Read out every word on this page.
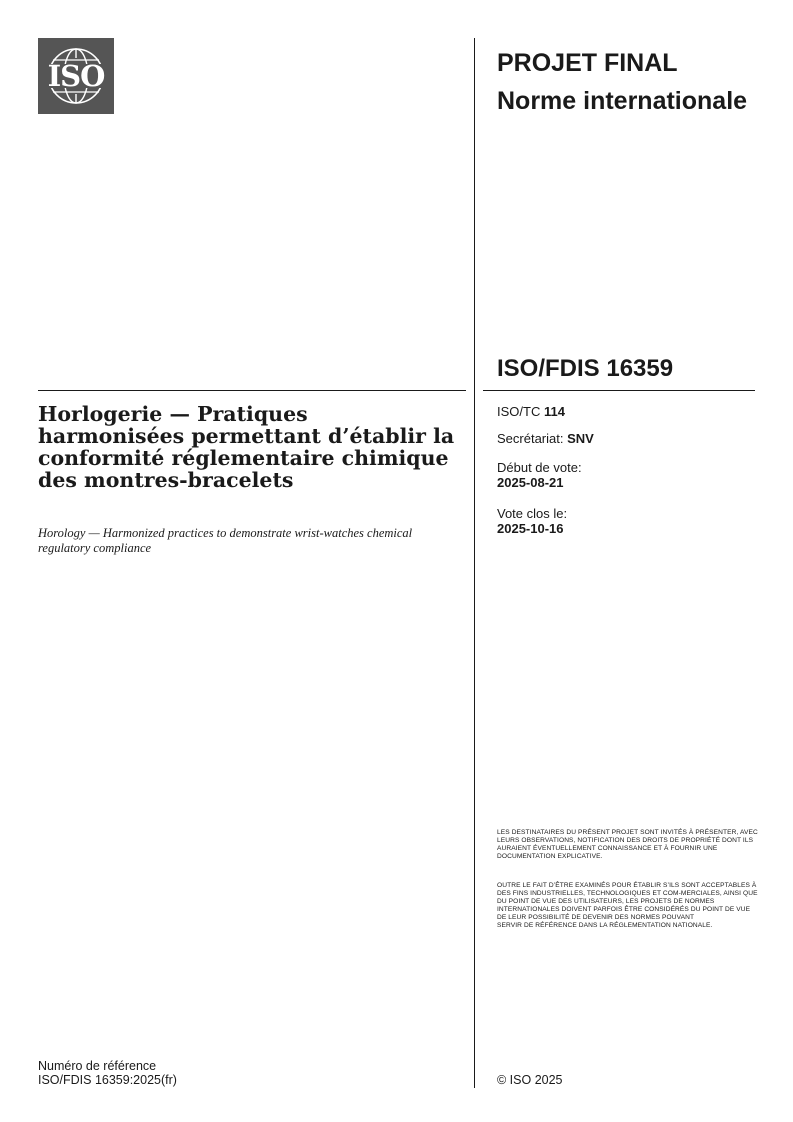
ISO	PROJET FINAL
Norme internationale
ISO/FDIS 16359
Horlogerie — Pratiques harmonisées permettant d’établir la conformité réglementaire chimique des montres-bracelets
Horology — Harmonized practices to demonstrate wrist-watches chemical regulatory compliance
ISO/TC 114
Secrétariat: SNV
Début de vote:
2025-08-21
Vote clos le:
2025-10-16
LES DESTINATAIRES DU PRÉSENT PROJET SONT INVITÉS À PRÉSENTER, AVEC LEURS OBSERVATIONS, NOTIFICATION DES DROITS DE PROPRIÉTÉ DONT ILS AURAIENT ÉVENTUELLEMENT CONNAISSANCE ET À FOURNIR UNE DOCUMENTATION EXPLICATIVE.
OUTRE LE FAIT D’ÊTRE EXAMINÉS POUR ÉTABLIR S’ILS SONT ACCEPTABLES À DES FINS INDUSTRIELLES, TECHNOLOGIQUES ET COM-MERCIALES, AINSI QUE DU POINT DE VUE DES UTILISATEURS, LES PROJETS DE NORMES
INTERNATIONALES DOIVENT PARFOIS ÊTRE CONSIDÉRÉS DU POINT DE VUE DE LEUR POSSIBILITÉ DE DEVENIR DES NORMES POUVANT
SERVIR DE RÉFÉRENCE DANS LA RÉGLEMENTATION NATIONALE.
Numéro de référence
ISO/FDIS 16359:2025(fr)	© ISO 2025
